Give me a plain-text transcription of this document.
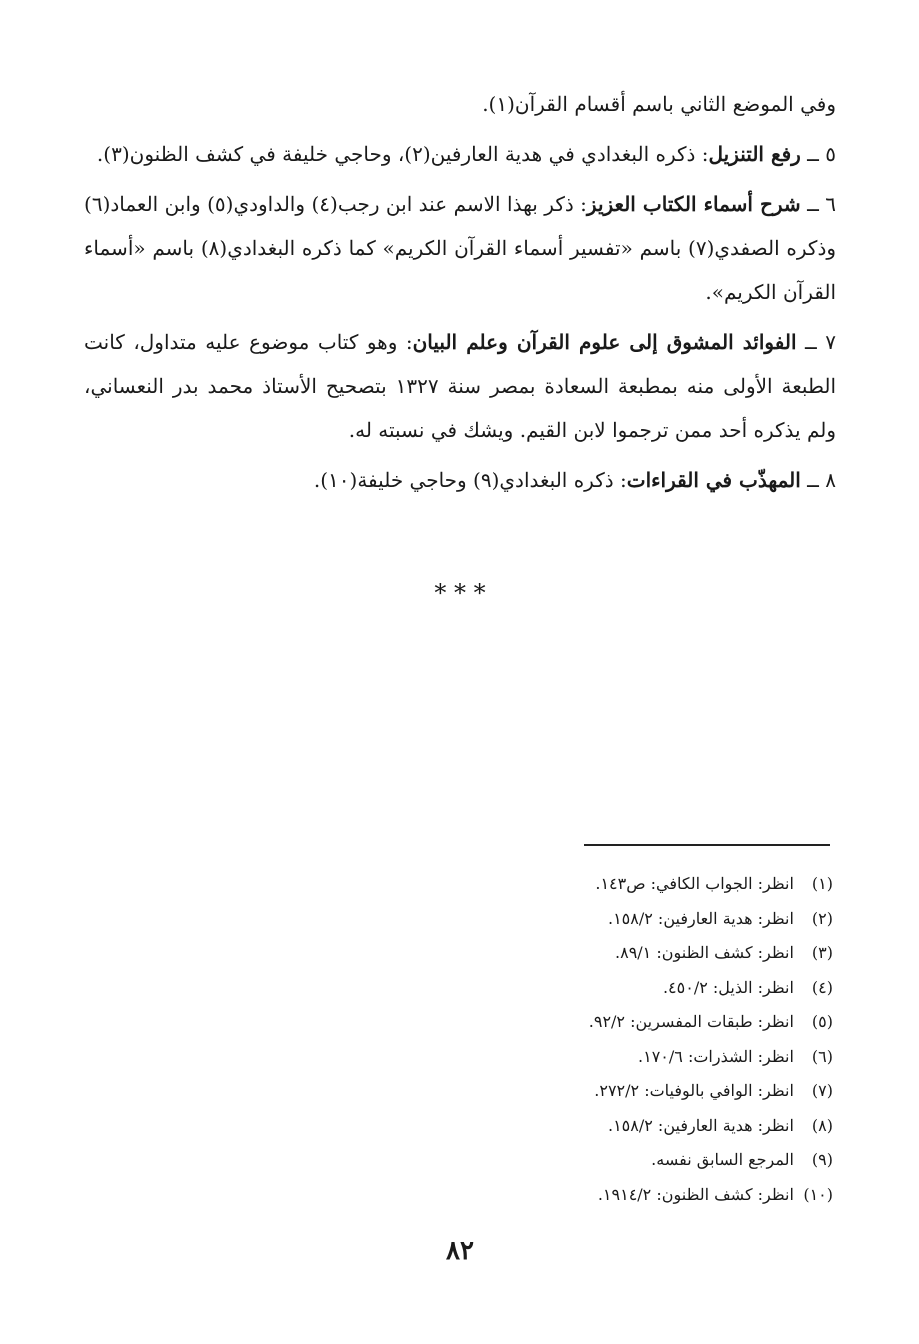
وفي الموضع الثاني باسم أقسام القرآن(١).

٥ ــ رفع التنزيل: ذكره البغدادي في هدية العارفين(٢)، وحاجي خليفة في كشف الظنون(٣).

٦ ــ شرح أسماء الكتاب العزيز: ذكر بهذا الاسم عند ابن رجب(٤) والداودي(٥) وابن العماد(٦) وذكره الصفدي(٧) باسم «تفسير أسماء القرآن الكريم» كما ذكره البغدادي(٨) باسم «أسماء القرآن الكريم».

٧ ــ الفوائد المشوق إلى علوم القرآن وعلم البيان: وهو كتاب موضوع عليه متداول، كانت الطبعة الأولى منه بمطبعة السعادة بمصر سنة ١٣٢٧ بتصحيح الأستاذ محمد بدر النعساني، ولم يذكره أحد ممن ترجموا لابن القيم. ويشك في نسبته له.

٨ ــ المهذّب في القراءات: ذكره البغدادي(٩) وحاجي خليفة(١٠).

* * *
(١) انظر: الجواب الكافي: ص١٤٣.
(٢) انظر: هدية العارفين: ١٥٨/٢.
(٣) انظر: كشف الظنون: ٨٩/١.
(٤) انظر: الذيل: ٤٥٠/٢.
(٥) انظر: طبقات المفسرين: ٩٢/٢.
(٦) انظر: الشذرات: ١٧٠/٦.
(٧) انظر: الوافي بالوفيات: ٢٧٢/٢.
(٨) انظر: هدية العارفين: ١٥٨/٢.
(٩) المرجع السابق نفسه.
(١٠) انظر: كشف الظنون: ١٩١٤/٢.
٨٢
